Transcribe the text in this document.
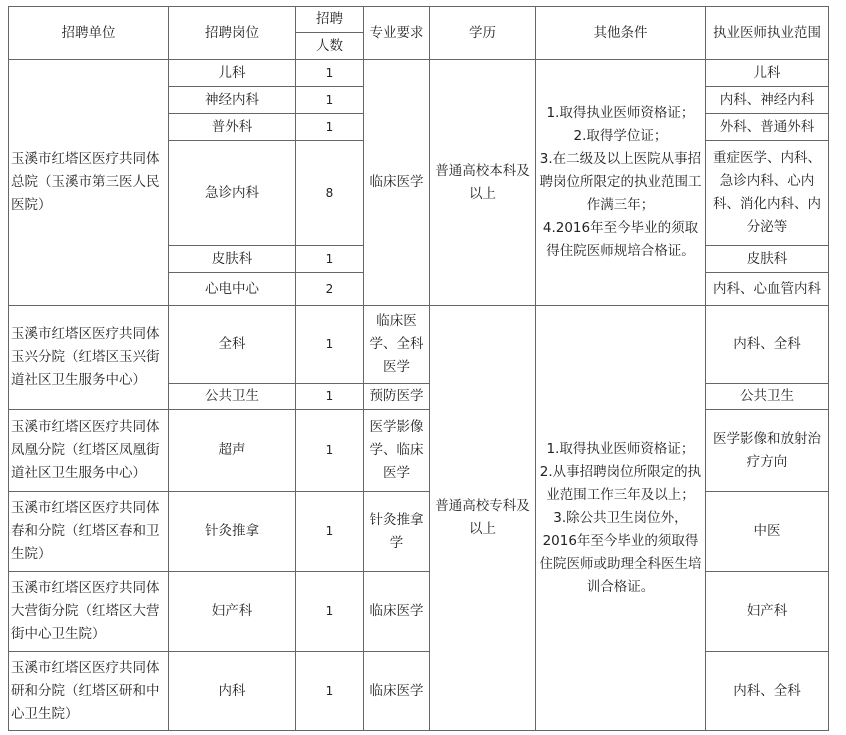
招聘单位	招聘岗位	招聘	专业要求	学历	其他条件	执业医师执业范围
		人数				
玉溪市红塔区医疗共同体总院（玉溪市第三医人民医院）	儿科	1	临床医学	普通高校本科及以上	1.取得执业医师资格证；
2.取得学位证；
3.在二级及以上医院从事招聘岗位所限定的执业范围工作满三年；
4.2016年至今毕业的须取得住院医师规培合格证。	儿科
	神经内科	1				内科、神经内科
	普外科	1				外科、普通外科
	急诊内科	8				重症医学、内科、急诊内科、心内科、消化内科、内分泌等
	皮肤科	1				皮肤科
	心电中心	2				内科、心血管内科
玉溪市红塔区医疗共同体玉兴分院（红塔区玉兴街道社区卫生服务中心）	全科	1	临床医学、全科医学	普通高校专科及以上	1.取得执业医师资格证；
2.从事招聘岗位所限定的执业范围工作三年及以上；
3.除公共卫生岗位外，2016年至今毕业的须取得住院医师或助理全科医生培训合格证。	内科、全科
	公共卫生	1	预防医学			公共卫生
玉溪市红塔区医疗共同体凤凰分院（红塔区凤凰街道社区卫生服务中心）	超声	1	医学影像学、临床医学			医学影像和放射治疗方向
玉溪市红塔区医疗共同体春和分院（红塔区春和卫生院）	针灸推拿	1	针灸推拿学			中医
玉溪市红塔区医疗共同体大营街分院（红塔区大营街中心卫生院）	妇产科	1	临床医学			妇产科
玉溪市红塔区医疗共同体研和分院（红塔区研和中心卫生院）	内科	1	临床医学			内科、全科
